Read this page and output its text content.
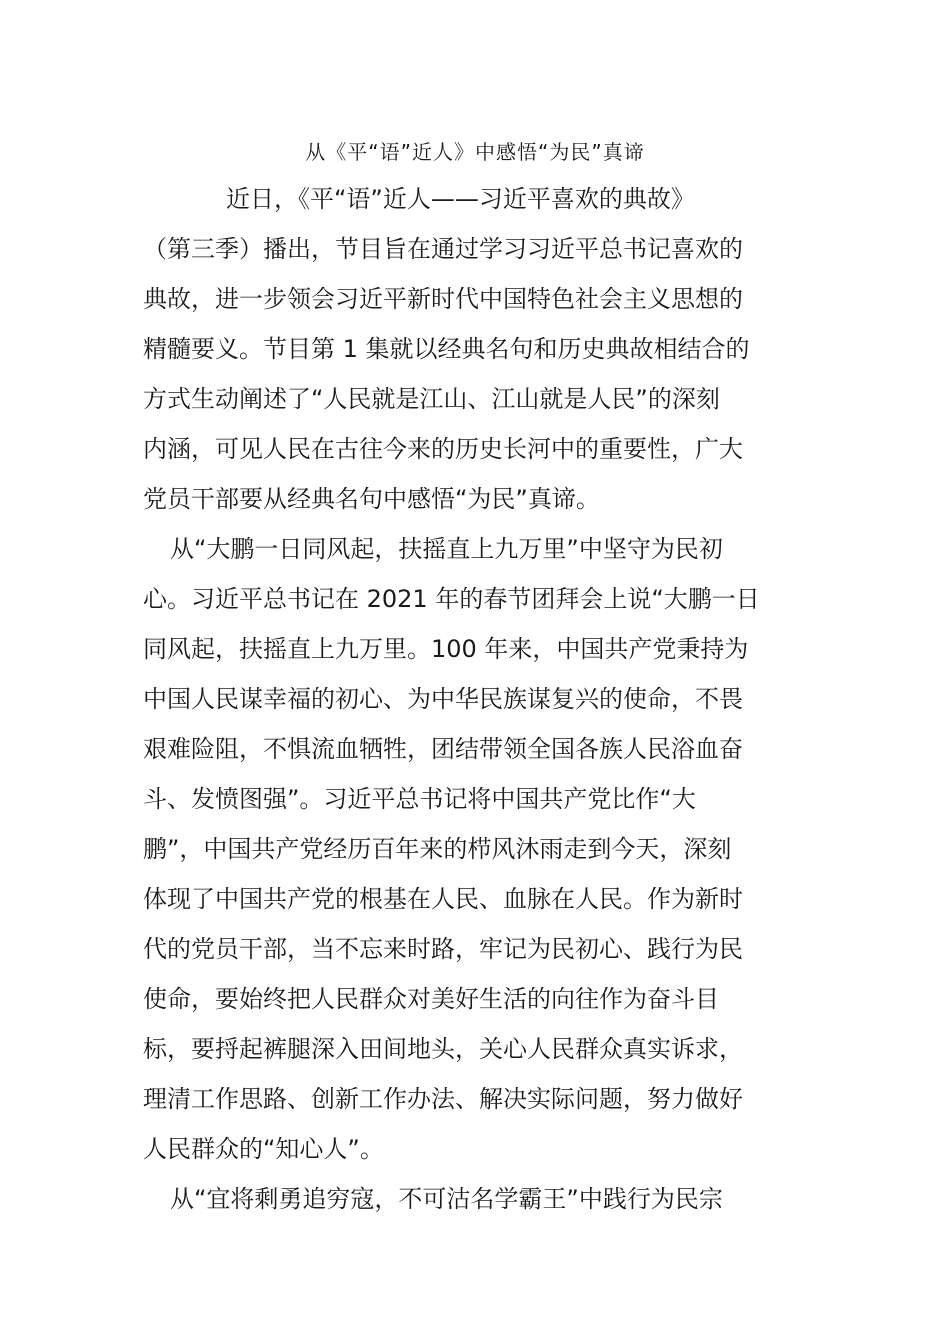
从《平“语”近人》中感悟“为民”真谛
近日，《平“语”近人——习近平喜欢的典故》
（第三季）播出，节目旨在通过学习习近平总书记喜欢的
典故，进一步领会习近平新时代中国特色社会主义思想的
精髓要义。节目第 1 集就以经典名句和历史典故相结合的
方式生动阐述了“人民就是江山、江山就是人民”的深刻
内涵，可见人民在古往今来的历史长河中的重要性，广大
党员干部要从经典名句中感悟“为民”真谛。
从“大鹏一日同风起，扶摇直上九万里”中坚守为民初
心。习近平总书记在 2021 年的春节团拜会上说“大鹏一日
同风起，扶摇直上九万里。100 年来，中国共产党秉持为
中国人民谋幸福的初心、为中华民族谋复兴的使命，不畏
艰难险阻，不惧流血牺牲，团结带领全国各族人民浴血奋
斗、发愤图强”。习近平总书记将中国共产党比作“大
鹏”，中国共产党经历百年来的栉风沐雨走到今天，深刻
体现了中国共产党的根基在人民、血脉在人民。作为新时
代的党员干部，当不忘来时路，牢记为民初心、践行为民
使命，要始终把人民群众对美好生活的向往作为奋斗目
标，要捋起裤腿深入田间地头，关心人民群众真实诉求，
理清工作思路、创新工作办法、解决实际问题，努力做好
人民群众的“知心人”。
从“宜将剩勇追穷寇，不可沽名学霸王”中践行为民宗
